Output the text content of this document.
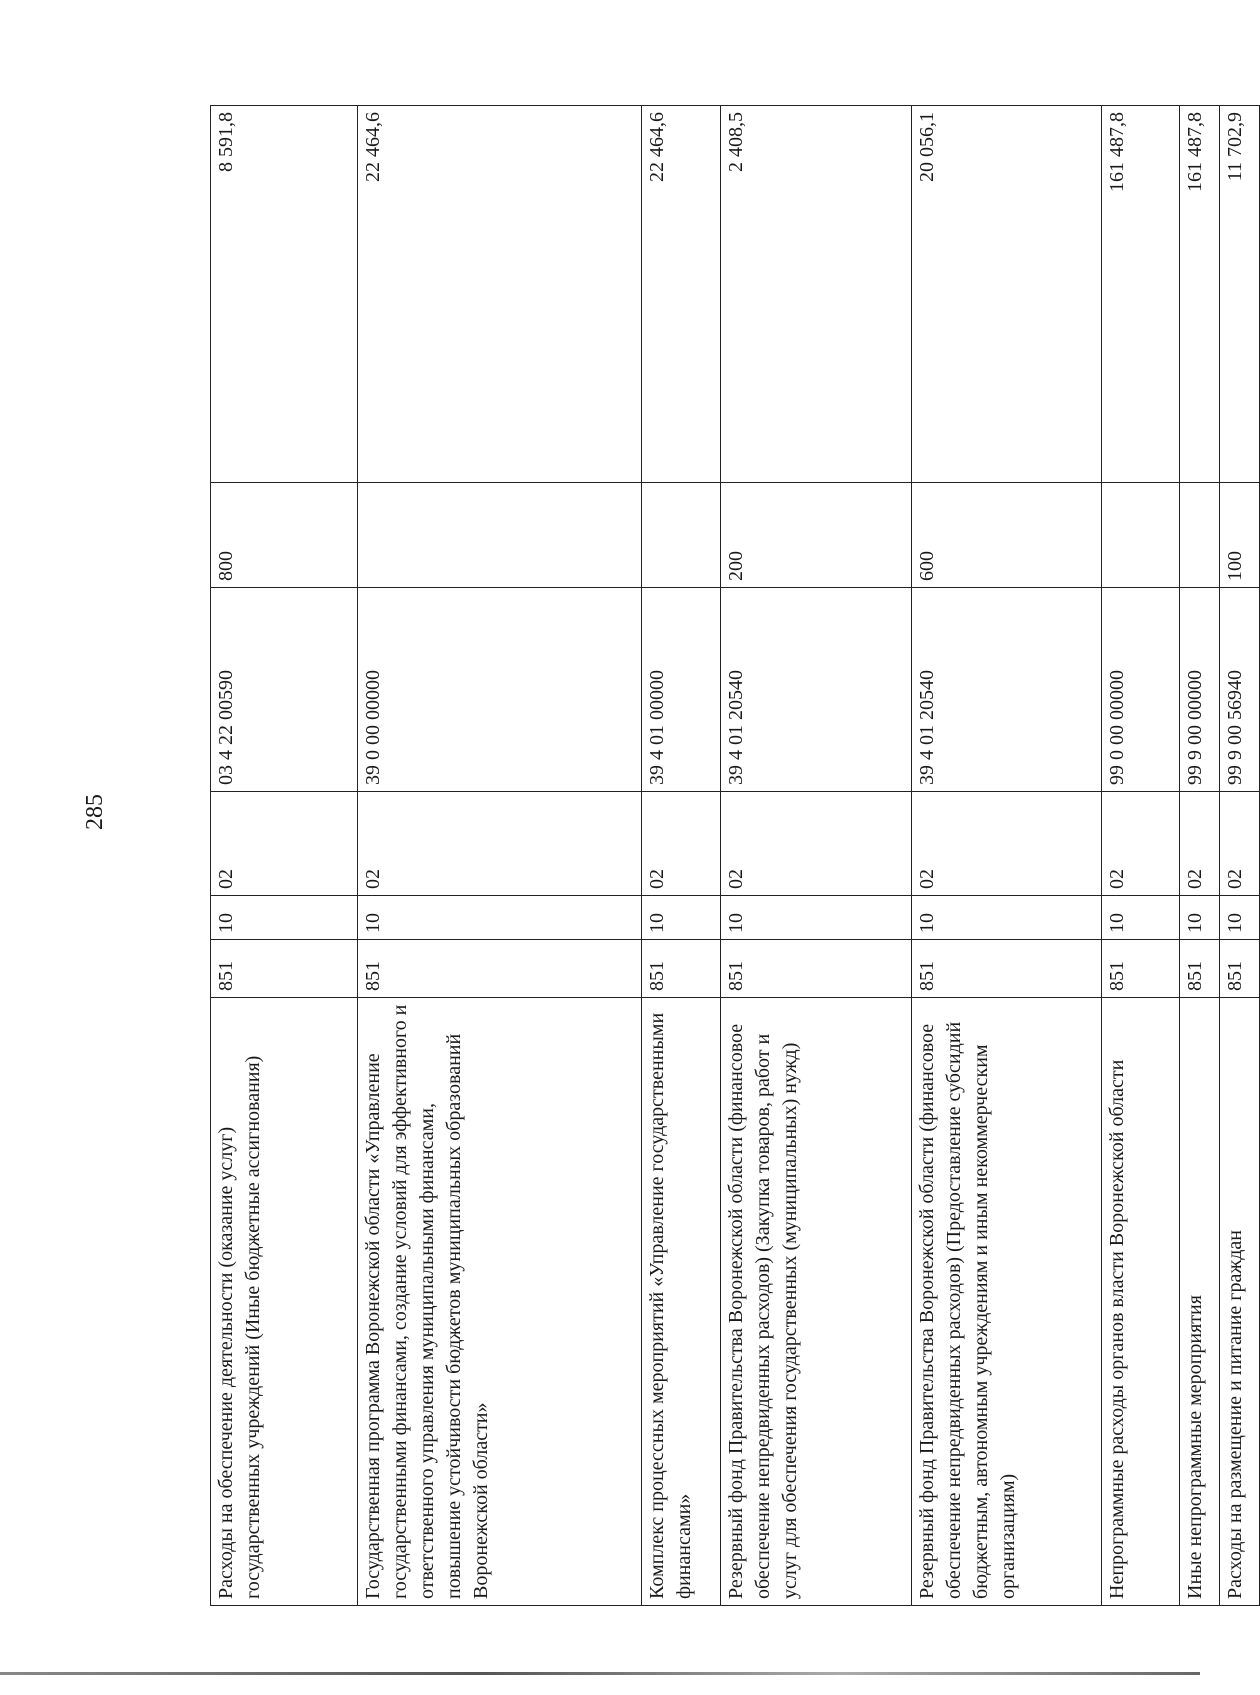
285
Расходы на обеспечение деятельности (оказание услуг) государственных учреждений (Иные бюджетные ассигнования)	851	10	02	03 4 22 00590	800	8 591,8
Государственная программа Воронежской области «Управление государственными финансами, создание условий для эффективного и ответственного управления муниципальными финансами, повышение устойчивости бюджетов муниципальных образований Воронежской области»	851	10	02	39 0 00 00000		22 464,6
Комплекс процессных мероприятий «Управление государственными финансами»	851	10	02	39 4 01 00000		22 464,6
Резервный фонд Правительства Воронежской области (финансовое обеспечение непредвиденных расходов) (Закупка товаров, работ и услуг для обеспечения государственных (муниципальных) нужд)	851	10	02	39 4 01 20540	200	2 408,5
Резервный фонд Правительства Воронежской области (финансовое обеспечение непредвиденных расходов) (Предоставление субсидий бюджетным, автономным учреждениям и иным некоммерческим организациям)	851	10	02	39 4 01 20540	600	20 056,1
Непрограммные расходы органов власти Воронежской области	851	10	02	99 0 00 00000		161 487,8
Иные непрограммные мероприятия	851	10	02	99 9 00 00000		161 487,8
Расходы на размещение и питание граждан	851	10	02	99 9 00 56940	100	11 702,9
